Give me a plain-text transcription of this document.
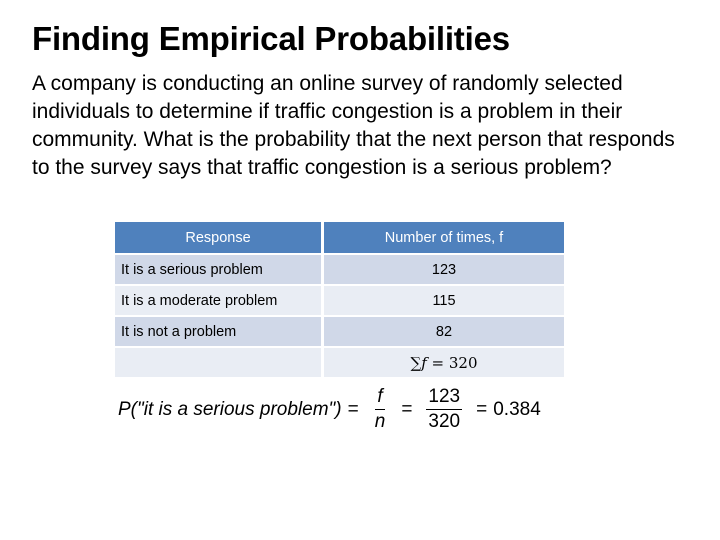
Finding Empirical Probabilities
A company is conducting an online survey of randomly selected individuals to determine if traffic congestion is a problem in their community. What is the probability that the next person that responds to the survey says that traffic congestion is a serious problem?
Response		Number of times, f

It is a serious problem		123

It is a moderate problem		115

It is not a problem		82

		∑f = 320
P("it is a serious problem") = $\frac{f}{n} = \frac{123}{320} = 0.384$
